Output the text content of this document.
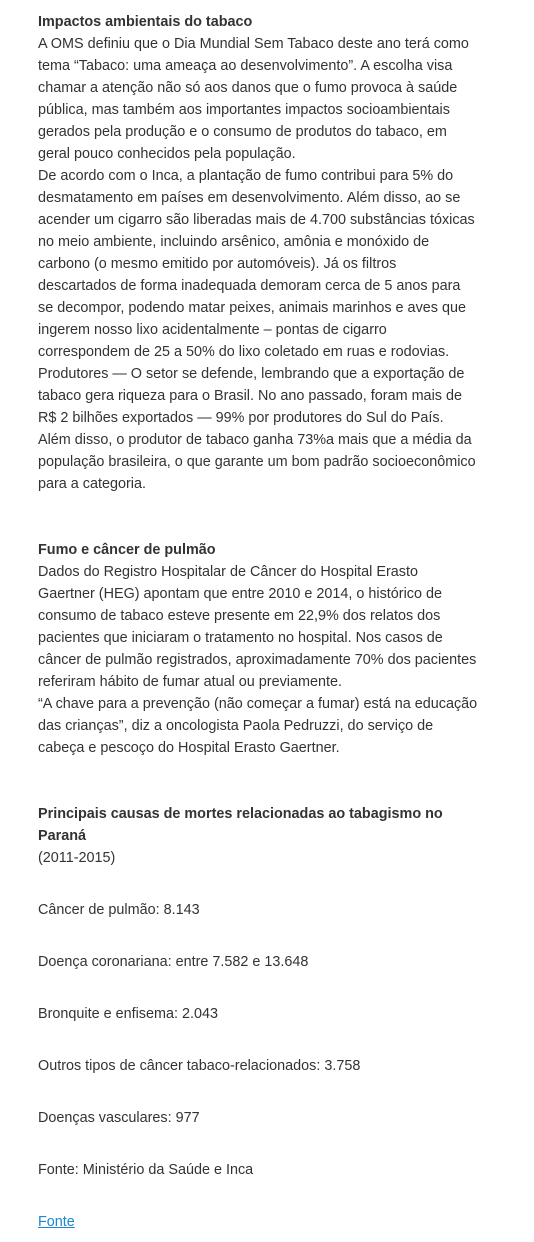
Impactos ambientais do tabaco
A OMS definiu que o Dia Mundial Sem Tabaco deste ano terá como tema “Tabaco: uma ameaça ao desenvolvimento”. A escolha visa chamar a atenção não só aos danos que o fumo provoca à saúde pública, mas também aos importantes impactos socioambientais gerados pela produção e o consumo de produtos do tabaco, em geral pouco conhecidos pela população.
De acordo com o Inca, a plantação de fumo contribui para 5% do desmatamento em países em desenvolvimento. Além disso, ao se acender um cigarro são liberadas mais de 4.700 substâncias tóxicas no meio ambiente, incluindo arsênico, amônia e monóxido de carbono (o mesmo emitido por automóveis). Já os filtros descartados de forma inadequada demoram cerca de 5 anos para se decompor, podendo matar peixes, animais marinhos e aves que ingerem nosso lixo acidentalmente – pontas de cigarro correspondem de 25 a 50% do lixo coletado em ruas e rodovias.
Produtores — O setor se defende, lembrando que a exportação de tabaco gera riqueza para o Brasil. No ano passado, foram mais de R$ 2 bilhões exportados — 99% por produtores do Sul do País. Além disso, o produtor de tabaco ganha 73%a mais que a média da população brasileira, o que garante um bom padrão socioeconômico para a categoria.
Fumo e câncer de pulmão
Dados do Registro Hospitalar de Câncer do Hospital Erasto Gaertner (HEG) apontam que entre 2010 e 2014, o histórico de consumo de tabaco esteve presente em 22,9% dos relatos dos pacientes que iniciaram o tratamento no hospital. Nos casos de câncer de pulmão registrados, aproximadamente 70% dos pacientes referiram hábito de fumar atual ou previamente.
“A chave para a prevenção (não começar a fumar) está na educação das crianças”, diz a oncologista Paola Pedruzzi, do serviço de cabeça e pescoço do Hospital Erasto Gaertner.
Principais causas de mortes relacionadas ao tabagismo no Paraná
(2011-2015)
Câncer de pulmão: 8.143
Doença coronariana: entre 7.582 e 13.648
Bronquite e enfisema: 2.043
Outros tipos de câncer tabaco-relacionados: 3.758
Doenças vasculares: 977
Fonte: Ministério da Saúde e Inca
Fonte
